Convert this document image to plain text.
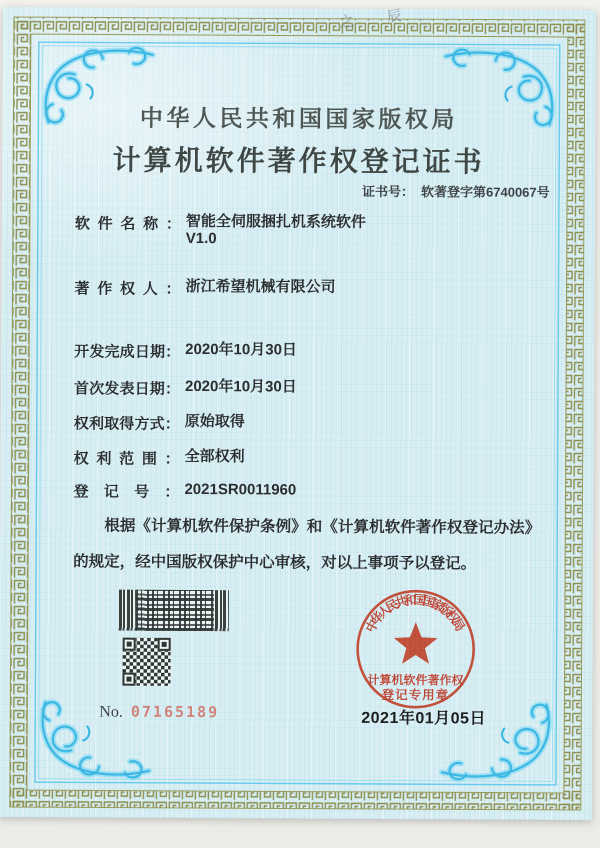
之 辰
中华人民共和国国家版权局
计算机软件著作权登记证书
证书号： 软著登字第6740067号
软件名称： 智能全伺服捆扎机系统软件
V1.0
著作权人： 浙江希望机械有限公司
开发完成日期： 2020年10月30日
首次发表日期： 2020年10月30日
权利取得方式： 原始取得
权利范围： 全部权利
登记号： 2021SR0011960
根据《计算机软件保护条例》和《计算机软件著作权登记办法》的规定，经中国版权保护中心审核，对以上事项予以登记。
No. 07165189
中华人民共和国国家版权局
计算机软件著作权
登记专用章
2021年01月05日
